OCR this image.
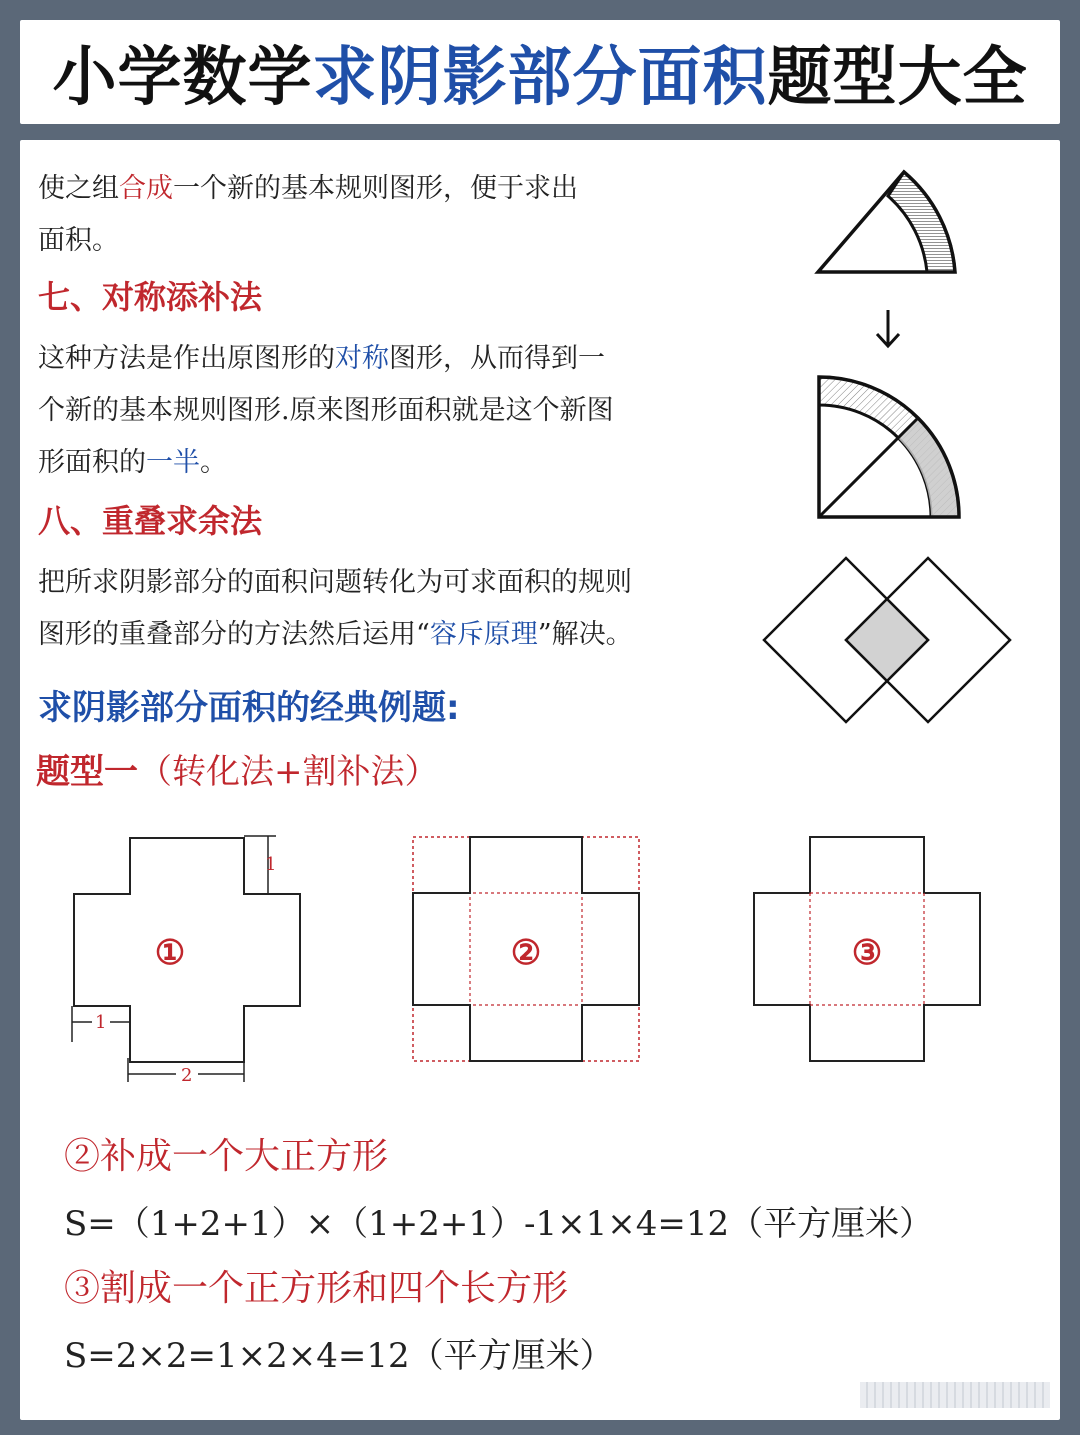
小学数学 求阴影部分面积 题型大全
使之组合成一个新的基本规则图形，便于求出
面积。
七、对称添补法
这种方法是作出原图形的对称图形，从而得到一
个新的基本规则图形.原来图形面积就是这个新图
形面积的一半。
八、重叠求余法
把所求阴影部分的面积问题转化为可求面积的规则
图形的重叠部分的方法然后运用“容斥原理”解决。
求阴影部分面积的经典例题:
题型一（转化法+割补法）
1
1
2
①	②	③
②补成一个大正方形
S=（1+2+1）×（1+2+1）-1×1×4=12（平方厘米）
③割成一个正方形和四个长方形
S=2×2=1×2×4=12（平方厘米）
